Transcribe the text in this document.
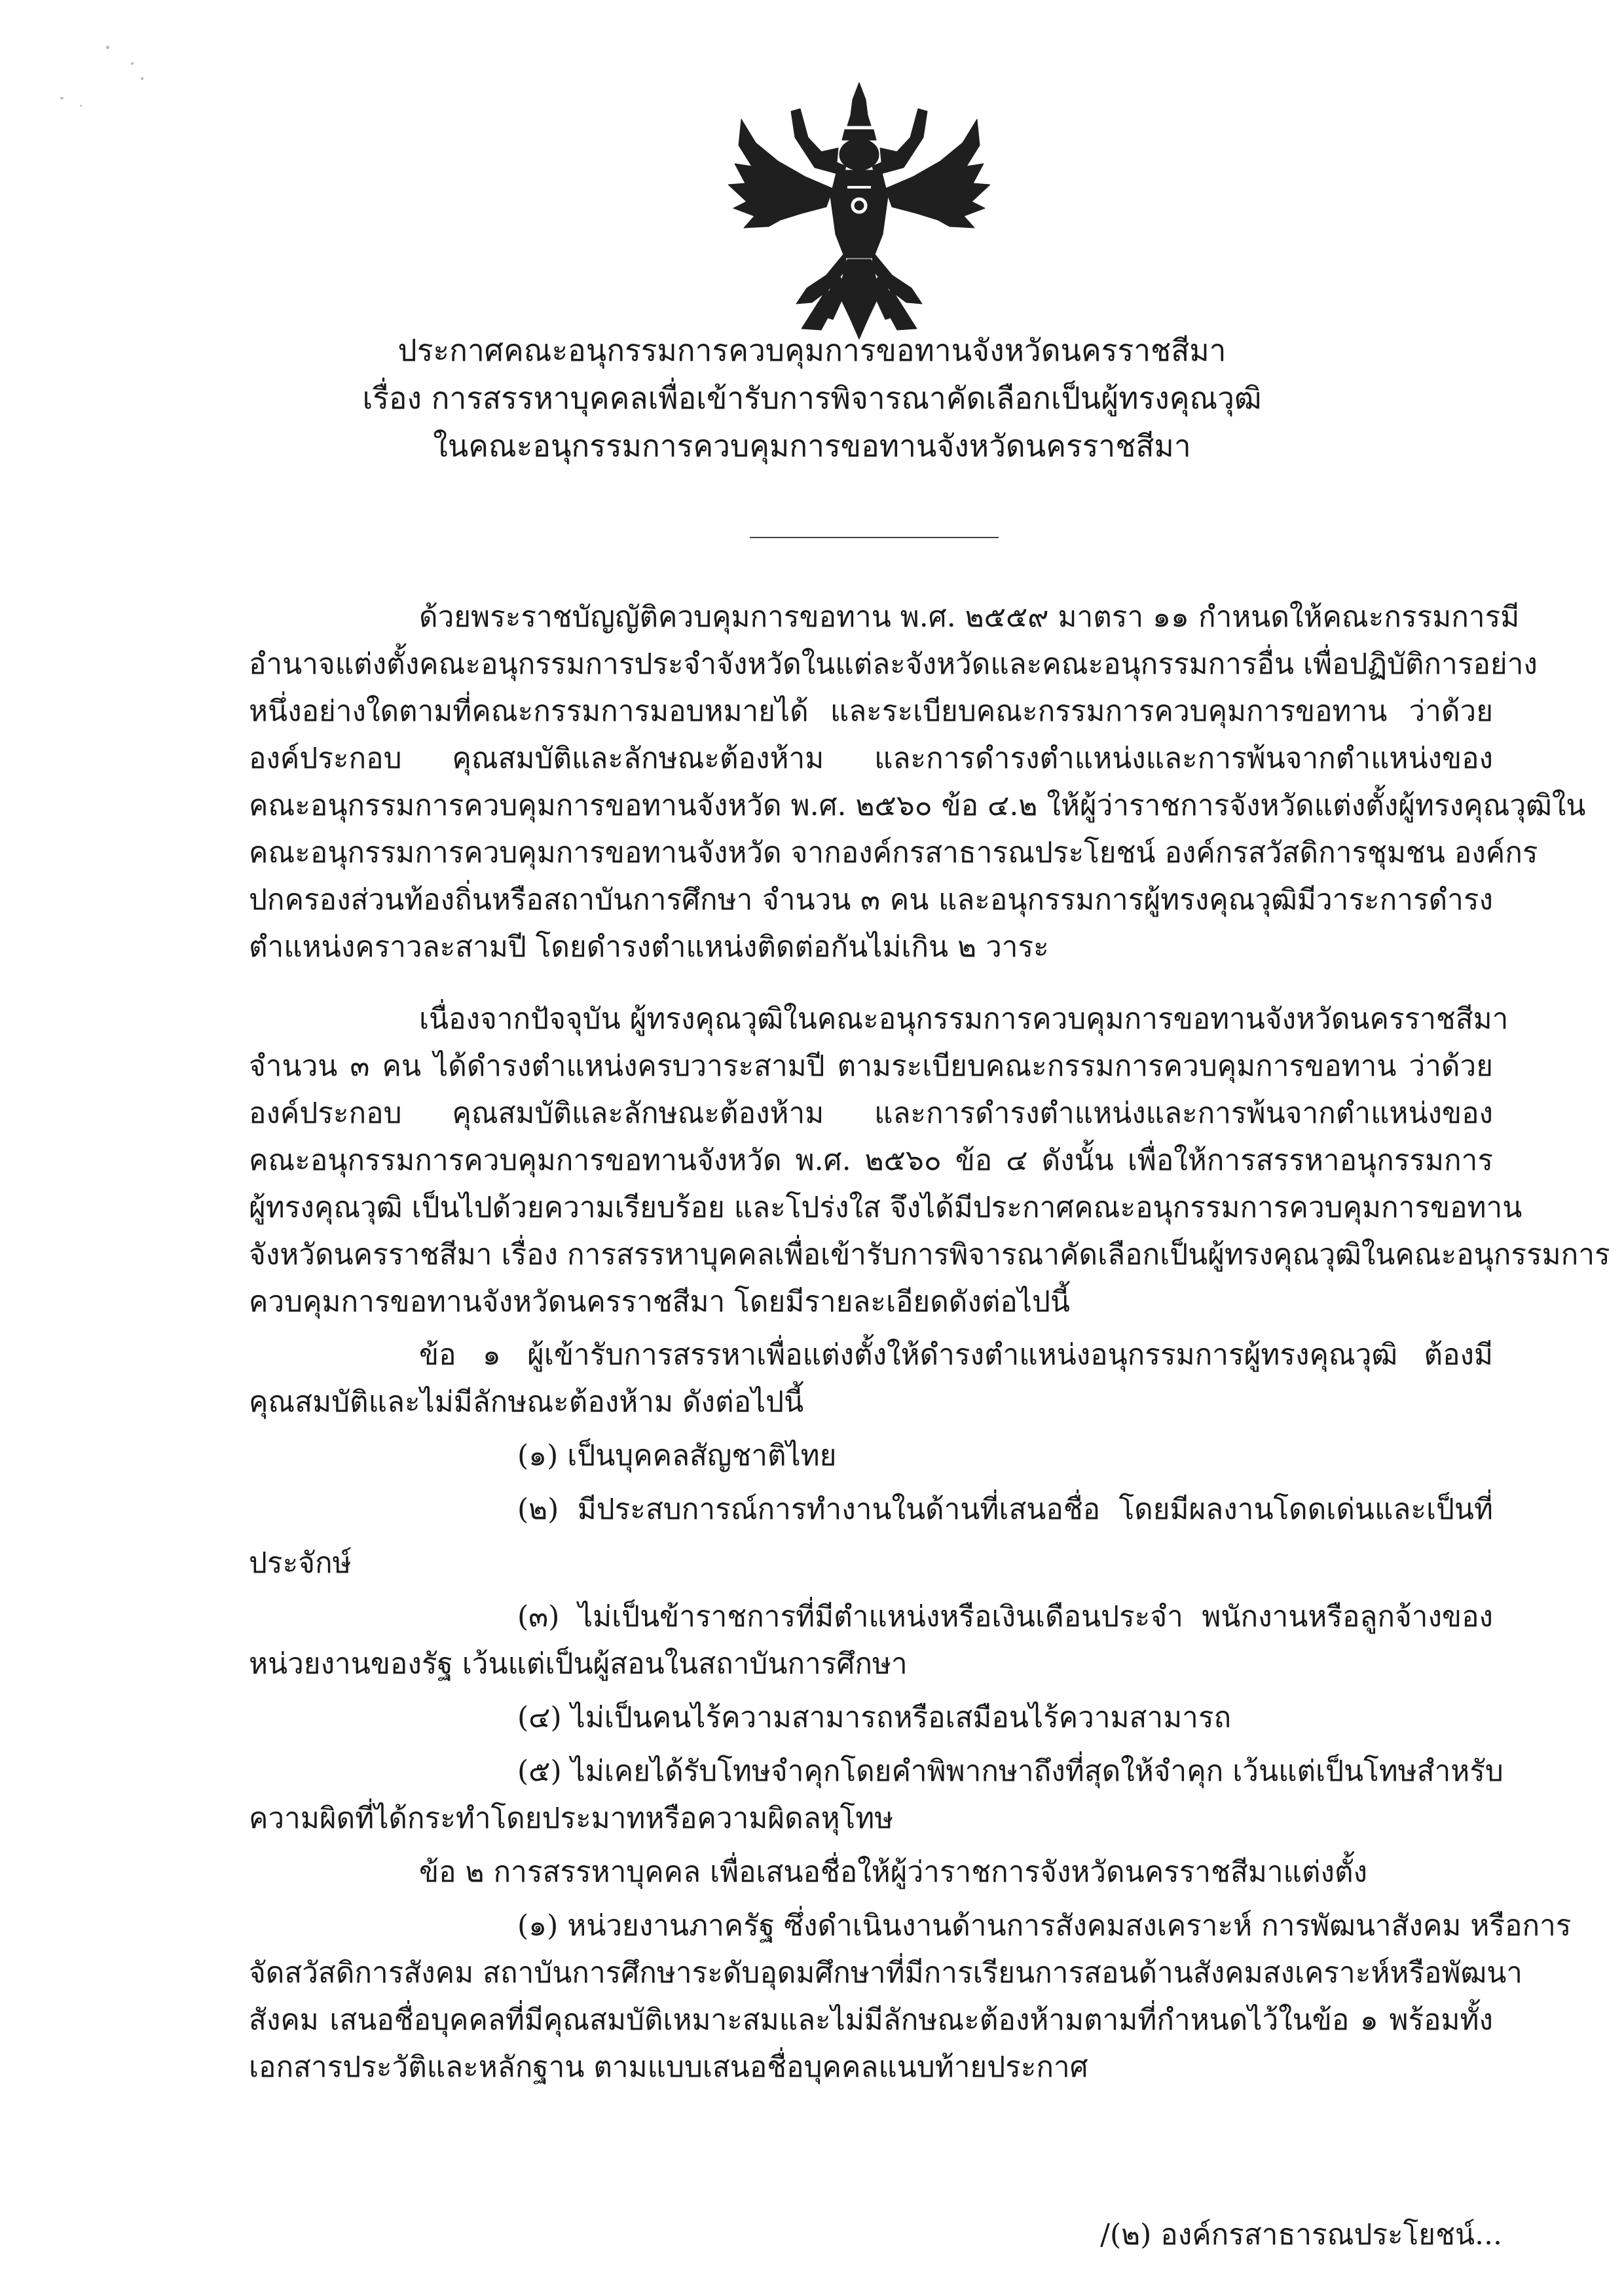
ประกาศคณะอนุกรรมการควบคุมการขอทานจังหวัดนครราชสีมา
เรื่อง การสรรหาบุคคลเพื่อเข้ารับการพิจารณาคัดเลือกเป็นผู้ทรงคุณวุฒิ
ในคณะอนุกรรมการควบคุมการขอทานจังหวัดนครราชสีมา
ด้วยพระราชบัญญัติควบคุมการขอทาน พ.ศ. ๒๕๕๙ มาตรา ๑๑ กำหนดให้คณะกรรมการมี
อำนาจแต่งตั้งคณะอนุกรรมการประจำจังหวัดในแต่ละจังหวัดและคณะอนุกรรมการอื่น เพื่อปฏิบัติการอย่าง
หนึ่งอย่างใดตามที่คณะกรรมการมอบหมายได้ และระเบียบคณะกรรมการควบคุมการขอทาน ว่าด้วย
องค์ประกอบ คุณสมบัติและลักษณะต้องห้าม และการดำรงตำแหน่งและการพ้นจากตำแหน่งของ
คณะอนุกรรมการควบคุมการขอทานจังหวัด พ.ศ. ๒๕๖๐ ข้อ ๔.๒ ให้ผู้ว่าราชการจังหวัดแต่งตั้งผู้ทรงคุณวุฒิใน
คณะอนุกรรมการควบคุมการขอทานจังหวัด จากองค์กรสาธารณประโยชน์ องค์กรสวัสดิการชุมชน องค์กร
ปกครองส่วนท้องถิ่นหรือสถาบันการศึกษา จำนวน ๓ คน และอนุกรรมการผู้ทรงคุณวุฒิมีวาระการดำรง
ตำแหน่งคราวละสามปี โดยดำรงตำแหน่งติดต่อกันไม่เกิน ๒ วาระ
เนื่องจากปัจจุบัน ผู้ทรงคุณวุฒิในคณะอนุกรรมการควบคุมการขอทานจังหวัดนครราชสีมา
จำนวน ๓ คน ได้ดำรงตำแหน่งครบวาระสามปี ตามระเบียบคณะกรรมการควบคุมการขอทาน ว่าด้วย
องค์ประกอบ คุณสมบัติและลักษณะต้องห้าม และการดำรงตำแหน่งและการพ้นจากตำแหน่งของ
คณะอนุกรรมการควบคุมการขอทานจังหวัด พ.ศ. ๒๕๖๐ ข้อ ๔ ดังนั้น เพื่อให้การสรรหาอนุกรรมการ
ผู้ทรงคุณวุฒิ เป็นไปด้วยความเรียบร้อย และโปร่งใส จึงได้มีประกาศคณะอนุกรรมการควบคุมการขอทาน
จังหวัดนครราชสีมา เรื่อง การสรรหาบุคคลเพื่อเข้ารับการพิจารณาคัดเลือกเป็นผู้ทรงคุณวุฒิในคณะอนุกรรมการ
ควบคุมการขอทานจังหวัดนครราชสีมา โดยมีรายละเอียดดังต่อไปนี้
ข้อ ๑ ผู้เข้ารับการสรรหาเพื่อแต่งตั้งให้ดำรงตำแหน่งอนุกรรมการผู้ทรงคุณวุฒิ ต้องมี
คุณสมบัติและไม่มีลักษณะต้องห้าม ดังต่อไปนี้
(๑) เป็นบุคคลสัญชาติไทย
(๒) มีประสบการณ์การทำงานในด้านที่เสนอชื่อ โดยมีผลงานโดดเด่นและเป็นที่
ประจักษ์
(๓) ไม่เป็นข้าราชการที่มีตำแหน่งหรือเงินเดือนประจำ พนักงานหรือลูกจ้างของ
หน่วยงานของรัฐ เว้นแต่เป็นผู้สอนในสถาบันการศึกษา
(๔) ไม่เป็นคนไร้ความสามารถหรือเสมือนไร้ความสามารถ
(๕) ไม่เคยได้รับโทษจำคุกโดยคำพิพากษาถึงที่สุดให้จำคุก เว้นแต่เป็นโทษสำหรับ
ความผิดที่ได้กระทำโดยประมาทหรือความผิดลหุโทษ
ข้อ ๒ การสรรหาบุคคล เพื่อเสนอชื่อให้ผู้ว่าราชการจังหวัดนครราชสีมาแต่งตั้ง
(๑) หน่วยงานภาครัฐ ซึ่งดำเนินงานด้านการสังคมสงเคราะห์ การพัฒนาสังคม หรือการ
จัดสวัสดิการสังคม สถาบันการศึกษาระดับอุดมศึกษาที่มีการเรียนการสอนด้านสังคมสงเคราะห์หรือพัฒนา
สังคม เสนอชื่อบุคคลที่มีคุณสมบัติเหมาะสมและไม่มีลักษณะต้องห้ามตามที่กำหนดไว้ในข้อ ๑ พร้อมทั้ง
เอกสารประวัติและหลักฐาน ตามแบบเสนอชื่อบุคคลแนบท้ายประกาศ
/(๒) องค์กรสาธารณประโยชน์...
